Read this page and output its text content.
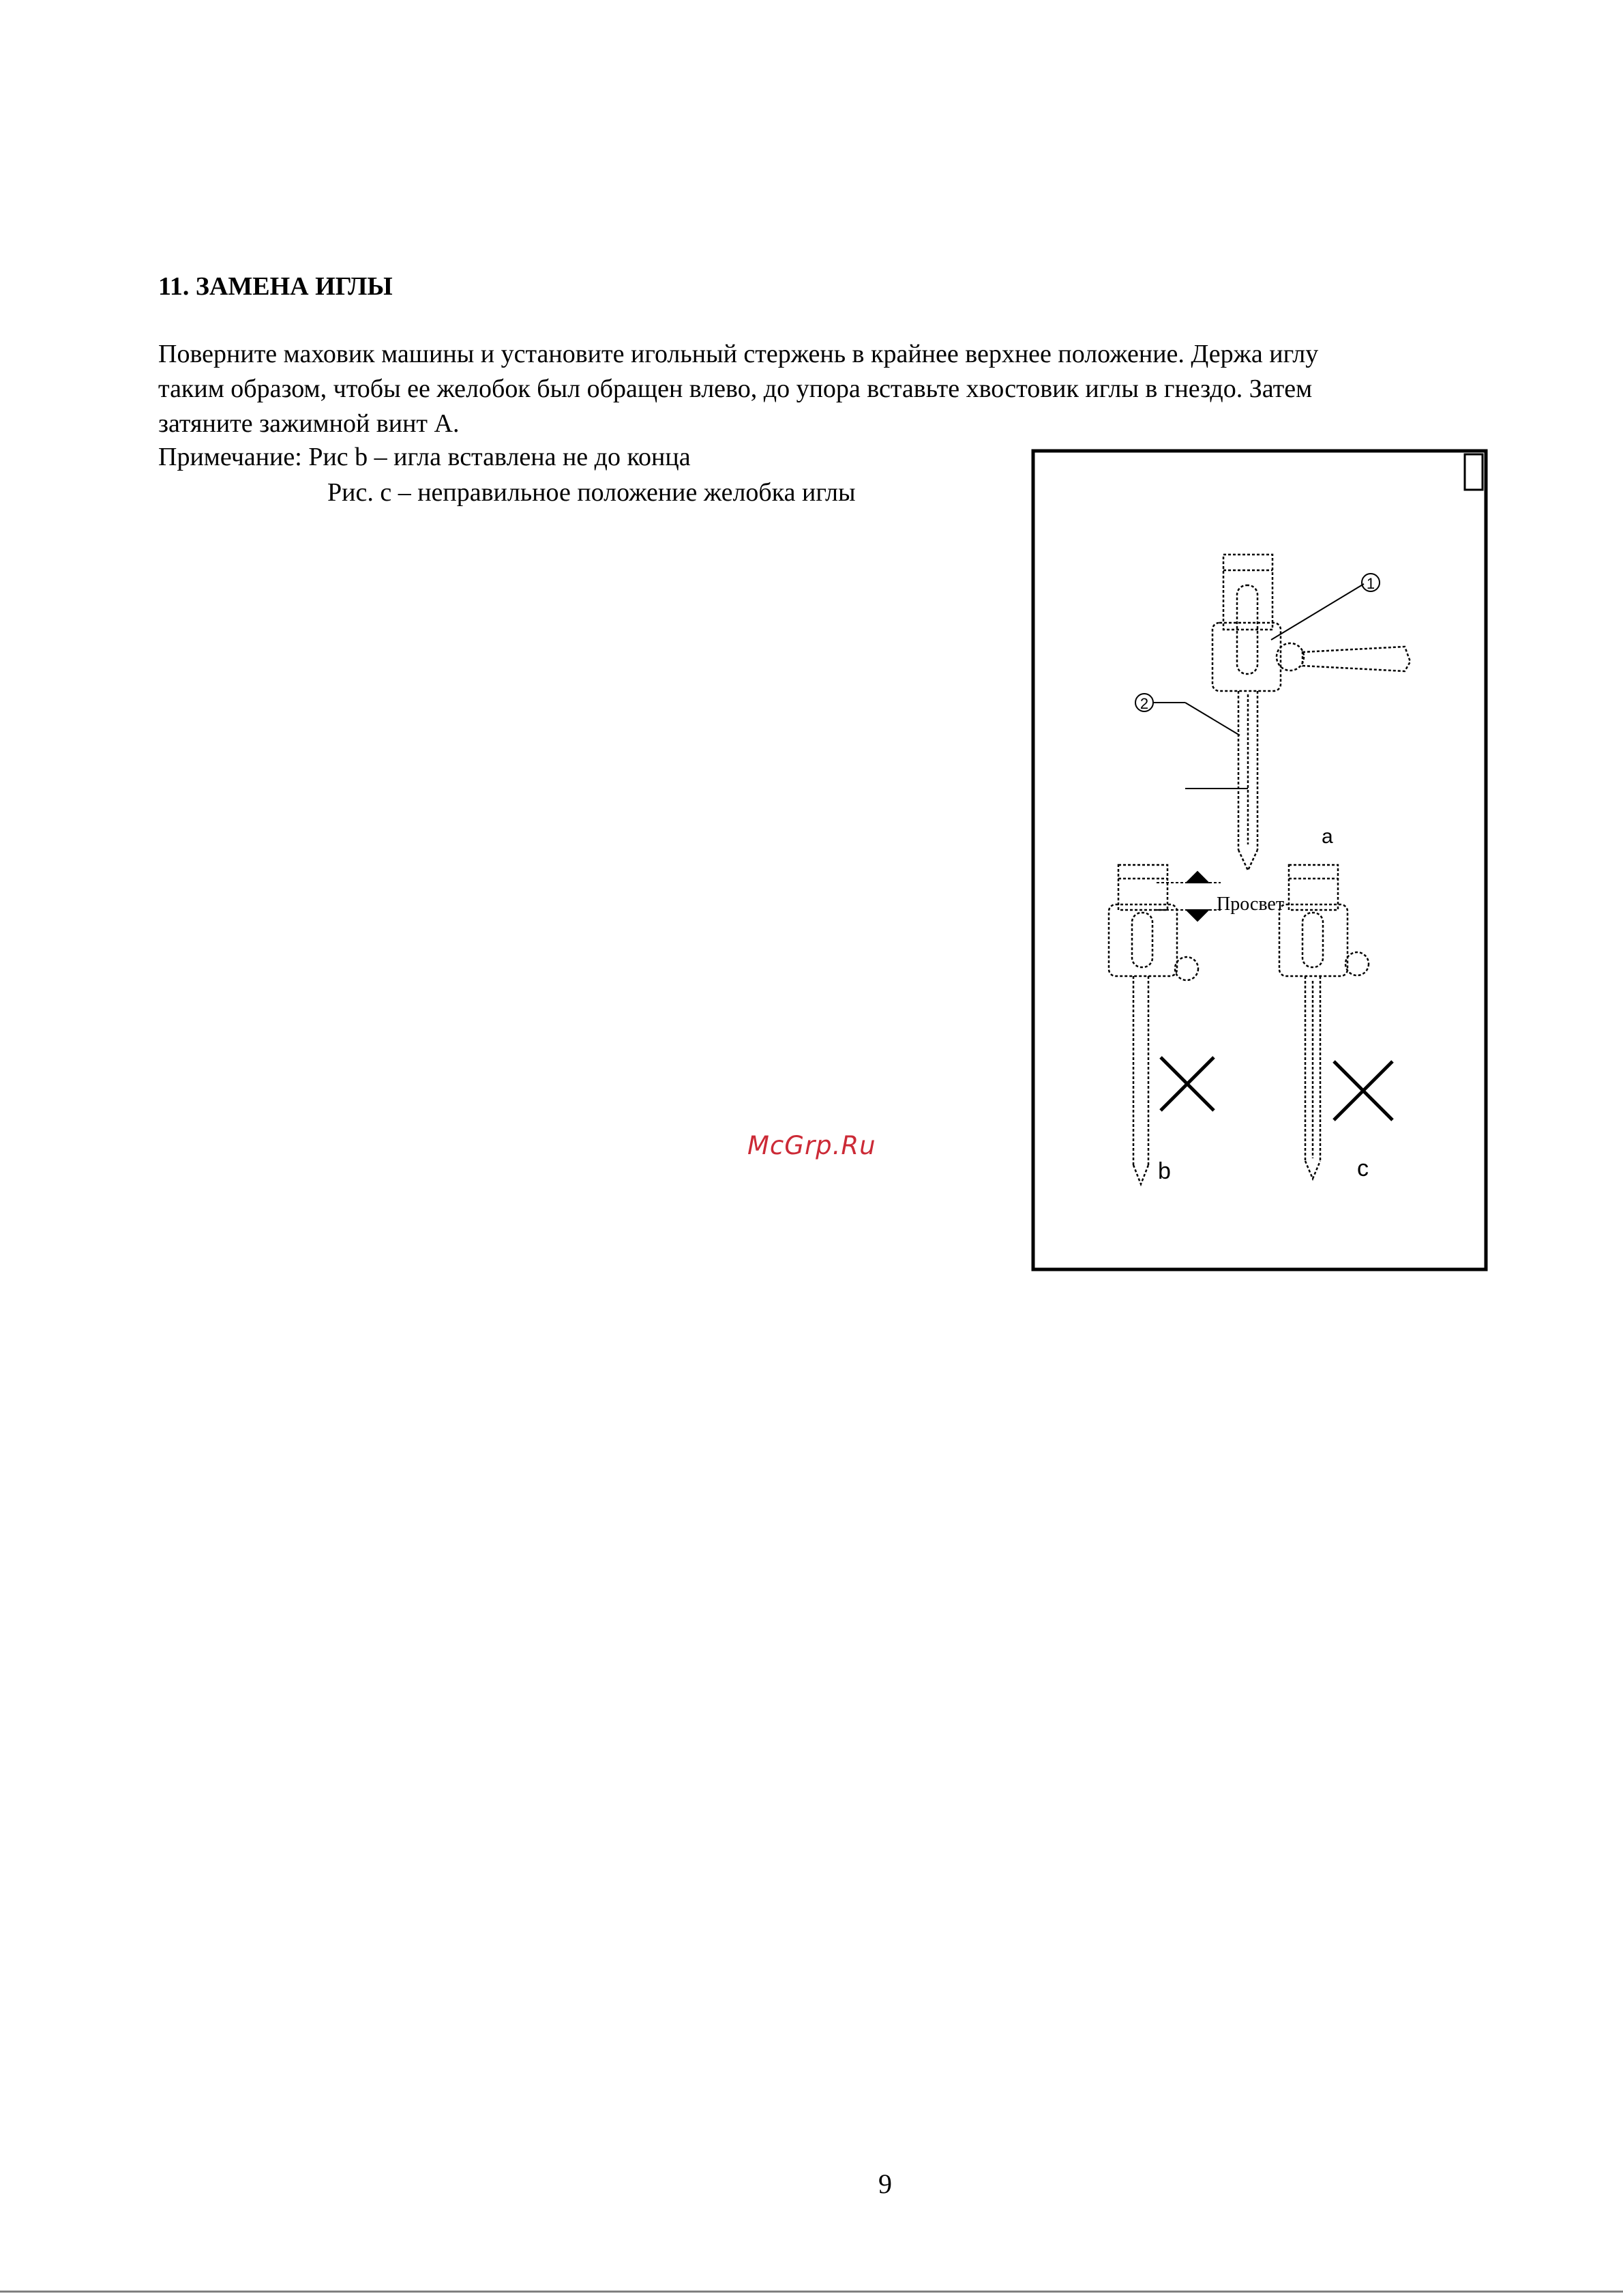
11. ЗАМЕНА ИГЛЫ
Поверните маховик машины и установите игольный стержень в крайнее верхнее положение. Держа иглу
таким образом, чтобы ее желобок был обращен влево, до упора вставьте хвостовик иглы в гнездо. Затем
затяните зажимной винт А.
Примечание: Рис b – игла вставлена не до конца
Рис. с – неправильное положение желобка иглы
1
2
a
Просвет
b	c
McGrp.Ru
9
